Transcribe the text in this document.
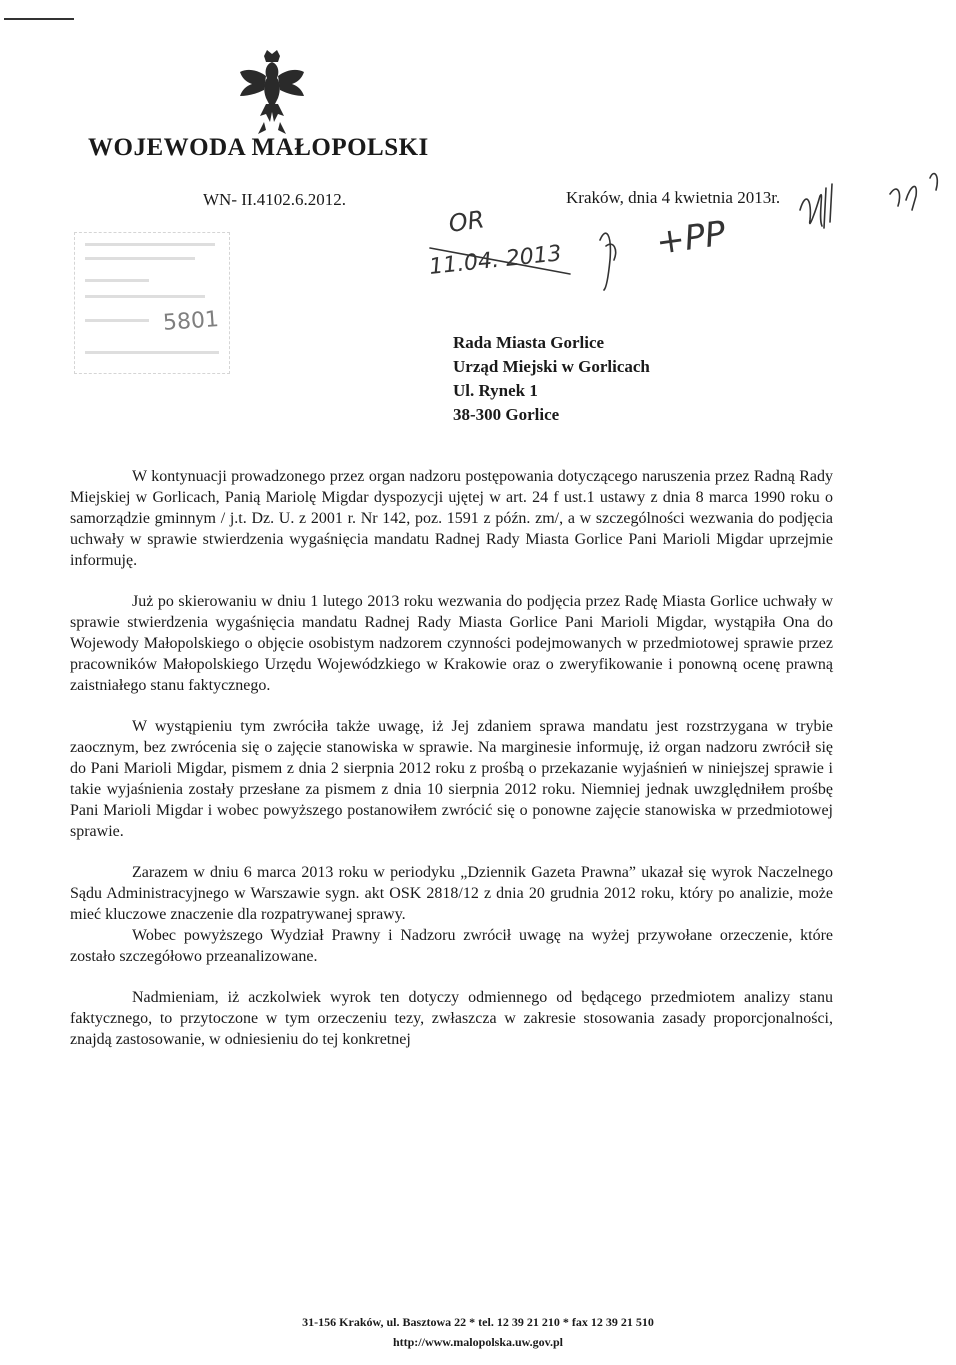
WOJEWODA MAŁOPOLSKI
WN- II.4102.6.2012.	Kraków, dnia 4 kwietnia 2013r.
5801
OR
11.04. 2013	+PP
Rada Miasta Gorlice
Urząd Miejski w Gorlicach
Ul. Rynek 1
38-300 Gorlice

W kontynuacji prowadzonego przez organ nadzoru postępowania dotyczącego naruszenia przez Radną Rady Miejskiej w Gorlicach, Panią Mariolę Migdar dyspozycji ujętej w art. 24 f ust.1 ustawy z dnia 8 marca 1990 roku o samorządzie gminnym / j.t. Dz. U. z 2001 r. Nr 142, poz. 1591 z późn. zm/, a w szczególności wezwania do podjęcia uchwały w sprawie stwierdzenia wygaśnięcia mandatu Radnej Rady Miasta Gorlice Pani Marioli Migdar uprzejmie informuję.

Już po skierowaniu w dniu 1 lutego 2013 roku wezwania do podjęcia przez Radę Miasta Gorlice uchwały w sprawie stwierdzenia wygaśnięcia mandatu Radnej Rady Miasta Gorlice Pani Marioli Migdar, wystąpiła Ona do Wojewody Małopolskiego o objęcie osobistym nadzorem czynności podejmowanych w przedmiotowej sprawie przez pracowników Małopolskiego Urzędu Wojewódzkiego w Krakowie oraz o zweryfikowanie i ponowną ocenę prawną zaistniałego stanu faktycznego.

W wystąpieniu tym zwróciła także uwagę, iż Jej zdaniem sprawa mandatu jest rozstrzygana w trybie zaocznym, bez zwrócenia się o zajęcie stanowiska w sprawie. Na marginesie informuję, iż organ nadzoru zwrócił się do Pani Marioli Migdar, pismem z dnia 2 sierpnia 2012 roku z prośbą o przekazanie wyjaśnień w niniejszej sprawie i takie wyjaśnienia zostały przesłane za pismem z dnia 10 sierpnia 2012 roku. Niemniej jednak uwzględniłem prośbę Pani Marioli Migdar i wobec powyższego postanowiłem zwrócić się o ponowne zajęcie stanowiska w przedmiotowej sprawie.

Zarazem w dniu 6 marca 2013 roku w periodyku „Dziennik Gazeta Prawna” ukazał się wyrok Naczelnego Sądu Administracyjnego w Warszawie sygn. akt OSK 2818/12 z dnia 20 grudnia 2012 roku, który po analizie, może mieć kluczowe znaczenie dla rozpatrywanej sprawy.

Wobec powyższego Wydział Prawny i Nadzoru zwrócił uwagę na wyżej przywołane orzeczenie, które zostało szczegółowo przeanalizowane.

Nadmieniam, iż aczkolwiek wyrok ten dotyczy odmiennego od będącego przedmiotem analizy stanu faktycznego, to przytoczone w tym orzeczeniu tezy, zwłaszcza w zakresie stosowania zasady proporcjonalności, znajdą zastosowanie, w odniesieniu do tej konkretnej

31-156 Kraków, ul. Basztowa 22 * tel. 12 39 21 210 * fax 12 39 21 510
http://www.malopolska.uw.gov.pl
